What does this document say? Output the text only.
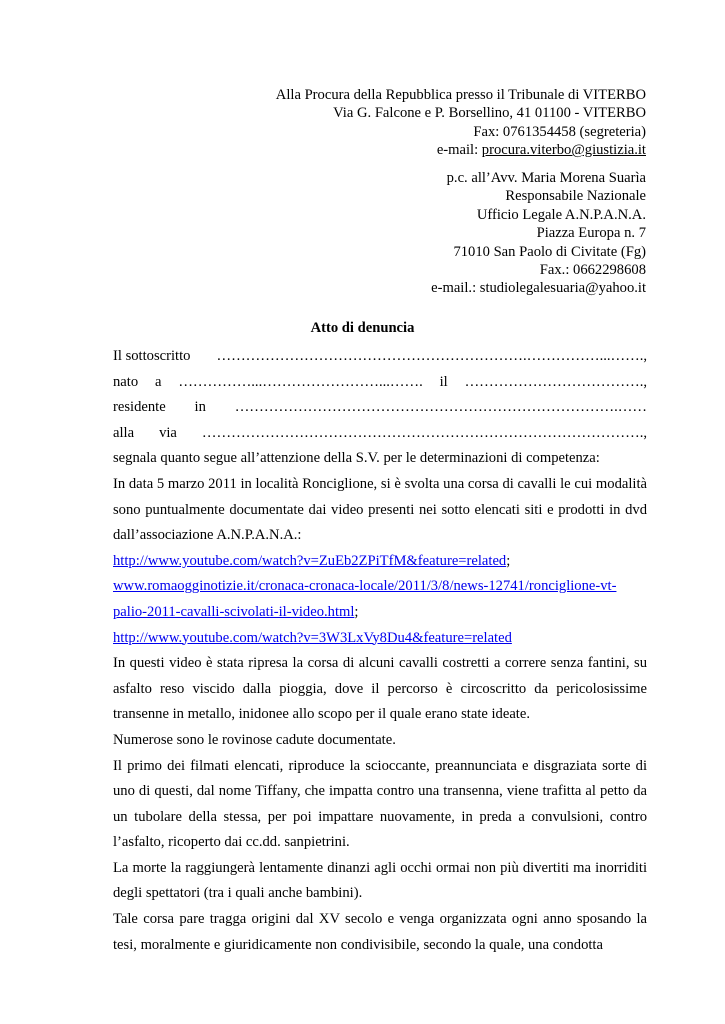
Alla Procura della Repubblica presso il Tribunale di VITERBO
Via G. Falcone e P. Borsellino, 41 01100 - VITERBO
Fax: 0761354458 (segreteria)
e-mail: procura.viterbo@giustizia.it
p.c. all’Avv. Maria Morena Suarìa
Responsabile Nazionale
Ufficio Legale A.N.P.A.N.A.
Piazza Europa n. 7
71010 San Paolo di Civitate (Fg)
Fax.: 0662298608
e-mail.: studiolegalesuaria@yahoo.it
Atto di denuncia
Il sottoscritto ……………………………………………………….……………...…….,
nato a ……………...……………………...……. il ……………………………….,
residente in …………………………………………………………………….……
alla via ……………………………………………………………………………….,

segnala quanto segue all’attenzione della S.V. per le determinazioni di competenza:

In data 5 marzo 2011 in località Ronciglione, si è svolta una corsa di cavalli le cui modalità sono puntualmente documentate dai video presenti nei sotto elencati siti e prodotti in dvd dall’associazione A.N.P.A.N.A.:

http://www.youtube.com/watch?v=ZuEb2ZPiTfM&feature=related;

www.romaogginotizie.it/cronaca-cronaca-locale/2011/3/8/news-12741/ronciglione-vt-
palio-2011-cavalli-scivolati-il-video.html;

http://www.youtube.com/watch?v=3W3LxVy8Du4&feature=related

In questi video è stata ripresa la corsa di alcuni cavalli costretti a correre senza fantini, su asfalto reso viscido dalla pioggia, dove il percorso è circoscritto da pericolosissime transenne in metallo, inidonee allo scopo per il quale erano state ideate.

Numerose sono le rovinose cadute documentate.

Il primo dei filmati elencati, riproduce la scioccante, preannunciata e disgraziata sorte di uno di questi, dal nome Tiffany, che impatta contro una transenna, viene trafitta al petto da un tubolare della stessa, per poi impattare nuovamente, in preda a convulsioni, contro l’asfalto, ricoperto dai cc.dd. sanpietrini.

La morte la raggiungerà lentamente dinanzi agli occhi ormai non più divertiti ma inorriditi degli spettatori (tra i quali anche bambini).

Tale corsa pare tragga origini dal XV secolo e venga organizzata ogni anno sposando la tesi, moralmente e giuridicamente non condivisibile, secondo la quale, una condotta
